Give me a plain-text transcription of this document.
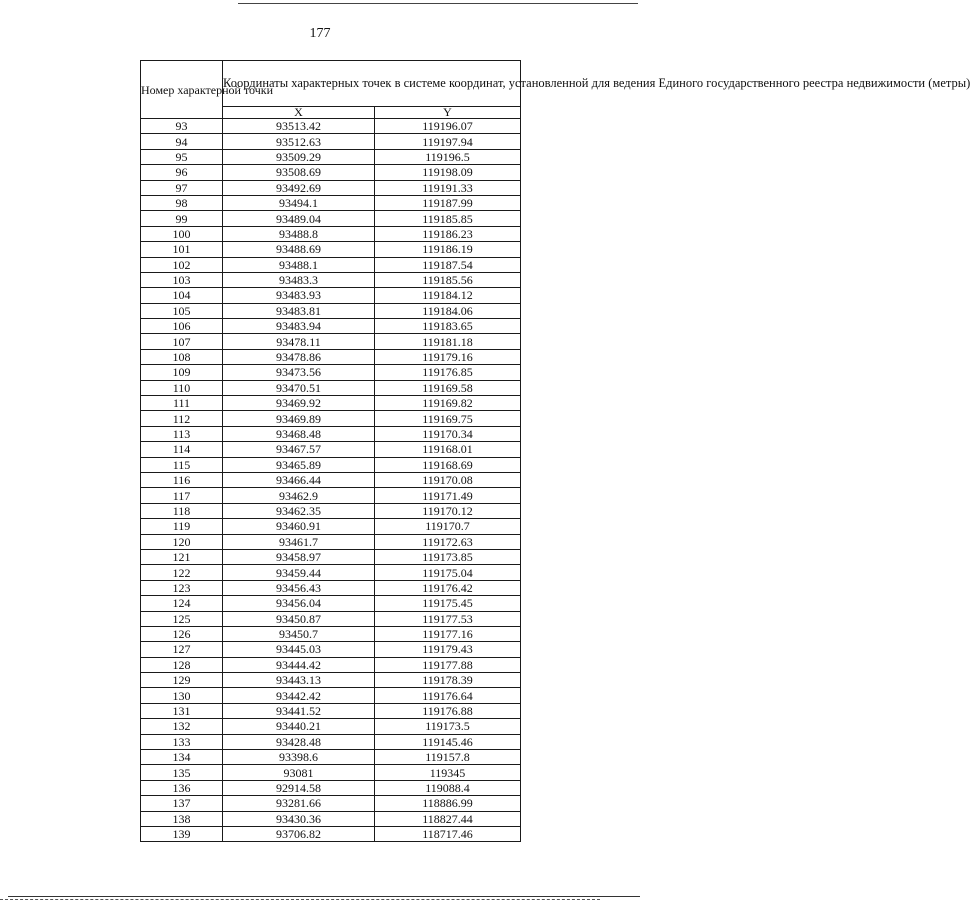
177
Номер характерной точки	Координаты характерных точек в системе координат, установленной для ведения Единого государственного реестра недвижимости (метры)	
	X	Y
93	93513.42	119196.07
94	93512.63	119197.94
95	93509.29	119196.5
96	93508.69	119198.09
97	93492.69	119191.33
98	93494.1	119187.99
99	93489.04	119185.85
100	93488.8	119186.23
101	93488.69	119186.19
102	93488.1	119187.54
103	93483.3	119185.56
104	93483.93	119184.12
105	93483.81	119184.06
106	93483.94	119183.65
107	93478.11	119181.18
108	93478.86	119179.16
109	93473.56	119176.85
110	93470.51	119169.58
111	93469.92	119169.82
112	93469.89	119169.75
113	93468.48	119170.34
114	93467.57	119168.01
115	93465.89	119168.69
116	93466.44	119170.08
117	93462.9	119171.49
118	93462.35	119170.12
119	93460.91	119170.7
120	93461.7	119172.63
121	93458.97	119173.85
122	93459.44	119175.04
123	93456.43	119176.42
124	93456.04	119175.45
125	93450.87	119177.53
126	93450.7	119177.16
127	93445.03	119179.43
128	93444.42	119177.88
129	93443.13	119178.39
130	93442.42	119176.64
131	93441.52	119176.88
132	93440.21	119173.5
133	93428.48	119145.46
134	93398.6	119157.8
135	93081	119345
136	92914.58	119088.4
137	93281.66	118886.99
138	93430.36	118827.44
139	93706.82	118717.46
